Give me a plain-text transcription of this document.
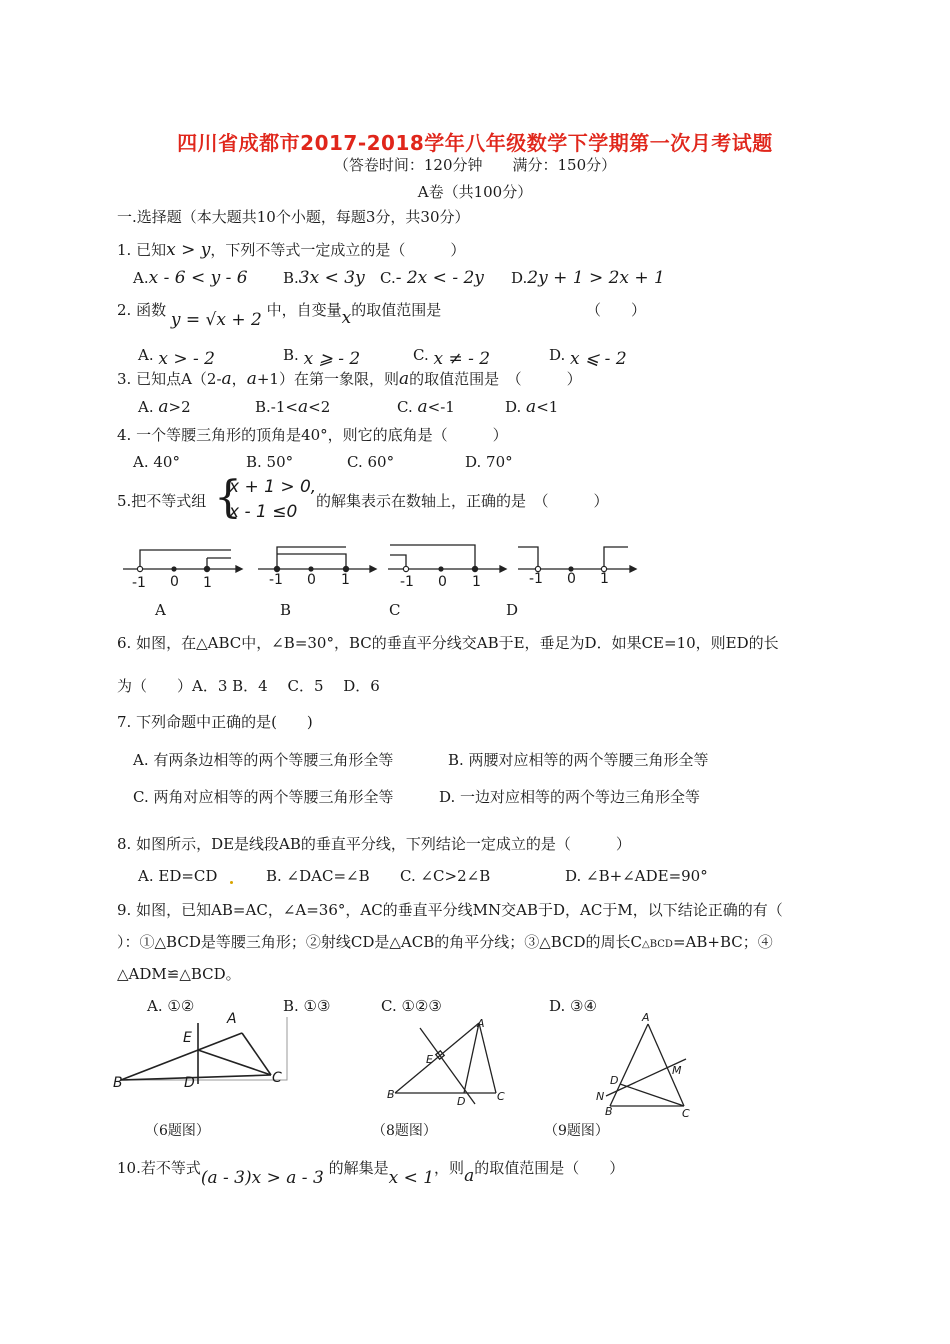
四川省成都市2017-2018学年八年级数学下学期第一次月考试题
（答卷时间：120分钟　　满分：150分）
A卷（共100分）
一.选择题（本大题共10个小题，每题3分，共30分）
1. 已知x > y，下列不等式一定成立的是（　　　）
A.x - 6 < y - 6 B.3x < 3y C.- 2x < - 2y D.2y + 1 > 2x + 1
2. 函数 y = √x + 2 中，自变量x的取值范围是	（　　）
A. x > - 2	B. x ⩾ - 2	C. x ≠ - 2	D. x ⩽ - 2
3. 已知点A（2-a，a+1）在第一象限，则a的取值范围是　（　　　）
A. a>2	B.-1<a<2	C. a<-1	D. a<1
4. 一个等腰三角形的顶角是40°，则它的底角是（　　　）
A. 40°	B. 50°	C. 60°	D. 70°
5.把不等式组 {
x + 1 > 0,
x - 1 ≤0
的解集表示在数轴上，正确的是　（　　　）
-1 0 1	-1 0 1	-1 0 1	-1 0 1
A	B	C	D
6. 如图，在△ABC中，∠B=30°，BC的垂直平分线交AB于E，垂足为D．如果CE=10，则ED的长
为（　　）A．3 B．4　 C．5　 D．6
7. 下列命题中正确的是(　　)
A. 有两条边相等的两个等腰三角形全等	B. 两腰对应相等的两个等腰三角形全等
C. 两角对应相等的两个等腰三角形全等	D. 一边对应相等的两个等边三角形全等
8. 如图所示，DE是线段AB的垂直平分线，下列结论一定成立的是（　　　）
A. ED=CD	B. ∠DAC=∠B C. ∠C>2∠B	D. ∠B+∠ADE=90°
9. 如图，已知AB=AC，∠A=36°，AC的垂直平分线MN交AB于D，AC于M，以下结论正确的有（
）：①△BCD是等腰三角形；②射线CD是△ACB的角平分线；③△BCD的周长C△BCD=AB+BC；④
△ADM≌△BCD。
A. ①②	B. ①③	C. ①②③	D. ③④
A
E
B	D	C
A
E
B
D	C
A
M
D
N
B	C
（6题图）	（8题图）	（9题图）
10.若不等式(a - 3)x > a - 3 的解集是x < 1，则a的取值范围是（　　）
